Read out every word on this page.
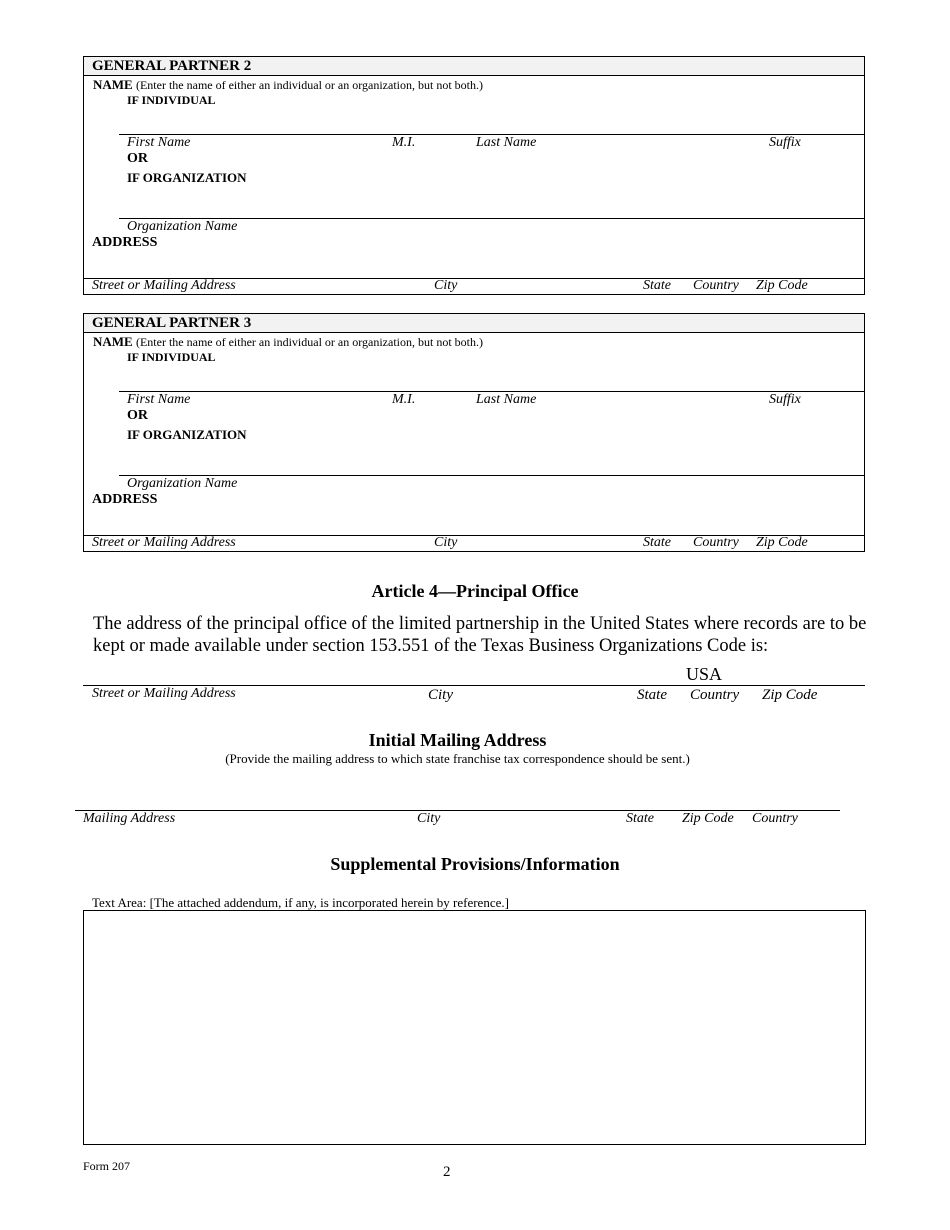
GENERAL PARTNER 2
NAME (Enter the name of either an individual or an organization, but not both.)
IF INDIVIDUAL
First Name	M.I.	Last Name	Suffix
OR
IF ORGANIZATION
Organization Name
ADDRESS
Street or Mailing Address	City	State Country Zip Code
GENERAL PARTNER 3
NAME (Enter the name of either an individual or an organization, but not both.)
IF INDIVIDUAL
First Name	M.I.	Last Name	Suffix
OR
IF ORGANIZATION
Organization Name
ADDRESS
Street or Mailing Address	City	State Country Zip Code
Article 4—Principal Office
The address of the principal office of the limited partnership in the United States where records are to be kept or made available under section 153.551 of the Texas Business Organizations Code is:
USA
Street or Mailing Address	City	State Country Zip Code
Initial Mailing Address
(Provide the mailing address to which state franchise tax correspondence should be sent.)
Mailing Address	City	State Zip Code Country
Supplemental Provisions/Information
Text Area: [The attached addendum, if any, is incorporated herein by reference.]
Form 207	2
